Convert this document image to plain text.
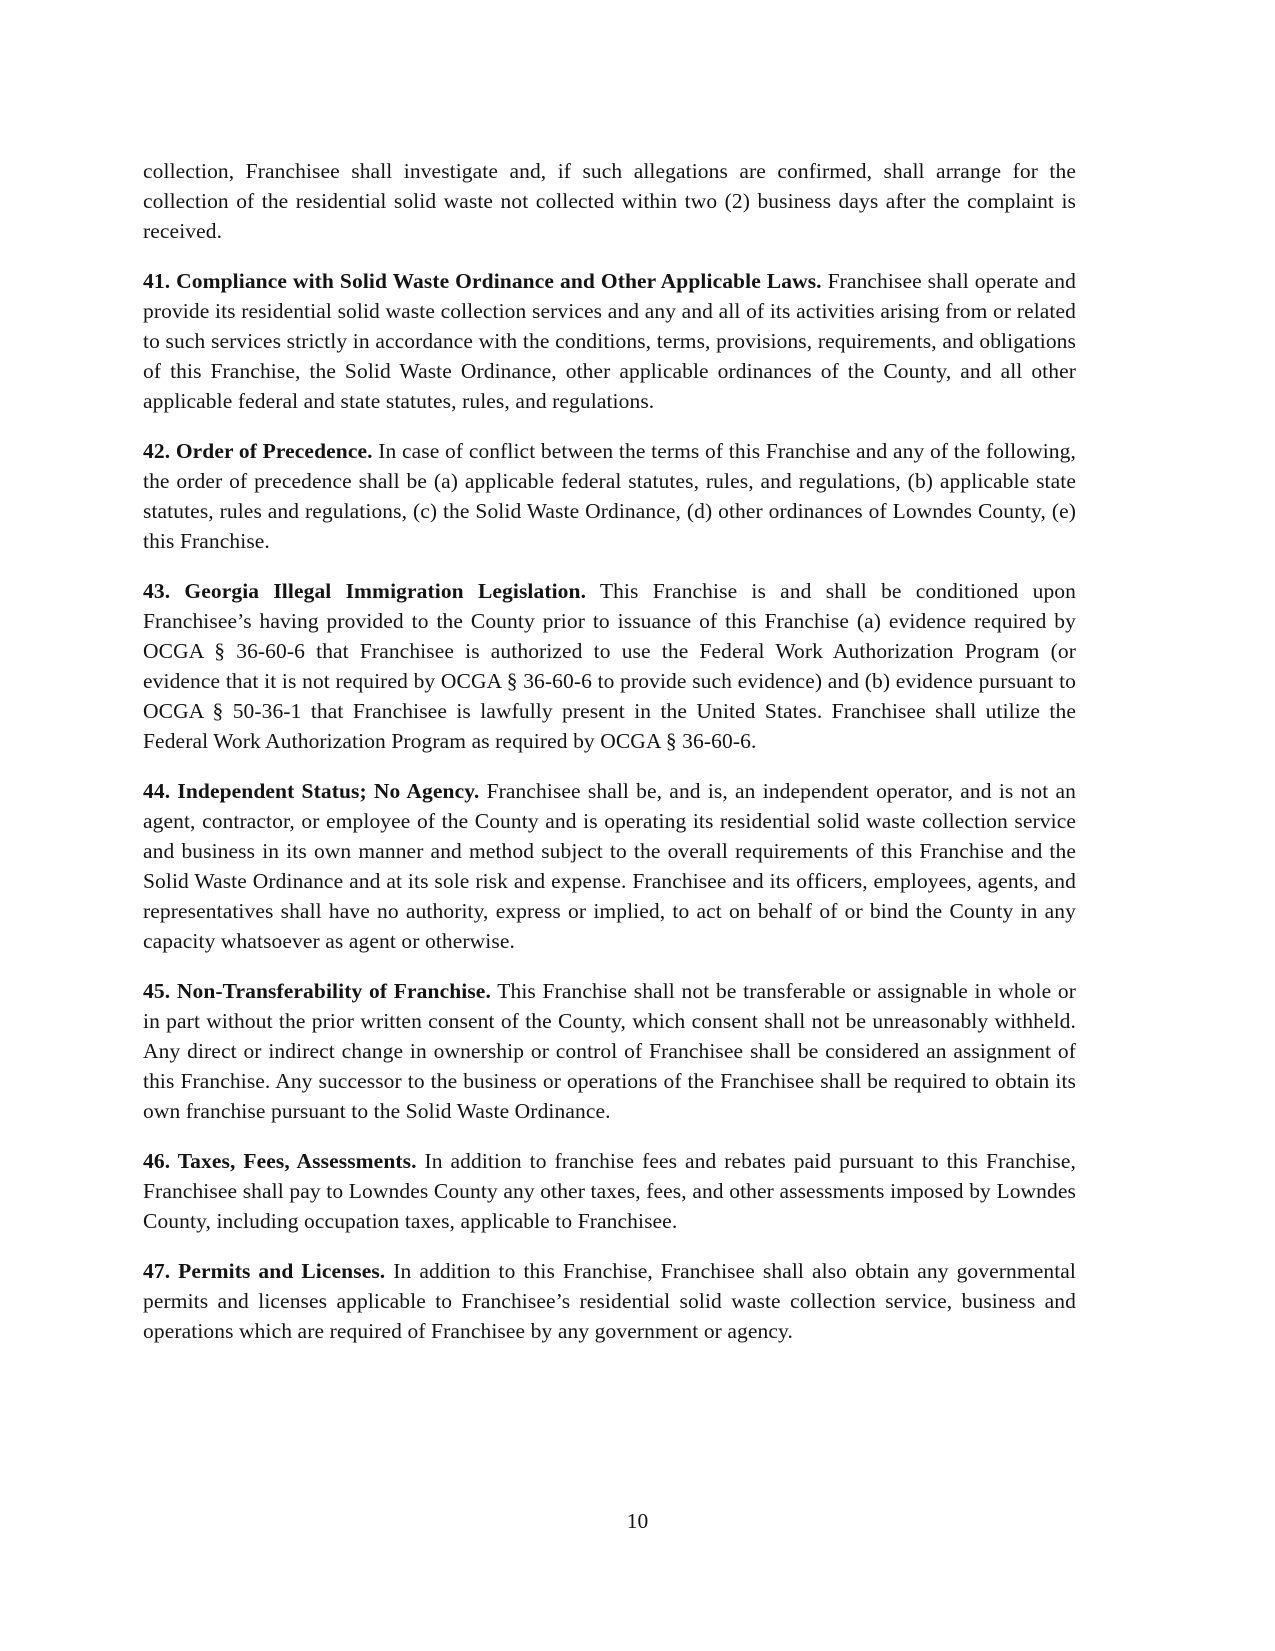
collection, Franchisee shall investigate and, if such allegations are confirmed, shall arrange for the collection of the residential solid waste not collected within two (2) business days after the complaint is received.

41. Compliance with Solid Waste Ordinance and Other Applicable Laws. Franchisee shall operate and provide its residential solid waste collection services and any and all of its activities arising from or related to such services strictly in accordance with the conditions, terms, provisions, requirements, and obligations of this Franchise, the Solid Waste Ordinance, other applicable ordinances of the County, and all other applicable federal and state statutes, rules, and regulations.

42. Order of Precedence. In case of conflict between the terms of this Franchise and any of the following, the order of precedence shall be (a) applicable federal statutes, rules, and regulations, (b) applicable state statutes, rules and regulations, (c) the Solid Waste Ordinance, (d) other ordinances of Lowndes County, (e) this Franchise.

43. Georgia Illegal Immigration Legislation. This Franchise is and shall be conditioned upon Franchisee’s having provided to the County prior to issuance of this Franchise (a) evidence required by OCGA § 36-60-6 that Franchisee is authorized to use the Federal Work Authorization Program (or evidence that it is not required by OCGA § 36-60-6 to provide such evidence) and (b) evidence pursuant to OCGA § 50-36-1 that Franchisee is lawfully present in the United States. Franchisee shall utilize the Federal Work Authorization Program as required by OCGA § 36-60-6.

44. Independent Status; No Agency. Franchisee shall be, and is, an independent operator, and is not an agent, contractor, or employee of the County and is operating its residential solid waste collection service and business in its own manner and method subject to the overall requirements of this Franchise and the Solid Waste Ordinance and at its sole risk and expense. Franchisee and its officers, employees, agents, and representatives shall have no authority, express or implied, to act on behalf of or bind the County in any capacity whatsoever as agent or otherwise.

45. Non-Transferability of Franchise. This Franchise shall not be transferable or assignable in whole or in part without the prior written consent of the County, which consent shall not be unreasonably withheld. Any direct or indirect change in ownership or control of Franchisee shall be considered an assignment of this Franchise. Any successor to the business or operations of the Franchisee shall be required to obtain its own franchise pursuant to the Solid Waste Ordinance.

46. Taxes, Fees, Assessments. In addition to franchise fees and rebates paid pursuant to this Franchise, Franchisee shall pay to Lowndes County any other taxes, fees, and other assessments imposed by Lowndes County, including occupation taxes, applicable to Franchisee.

47. Permits and Licenses. In addition to this Franchise, Franchisee shall also obtain any governmental permits and licenses applicable to Franchisee’s residential solid waste collection service, business and operations which are required of Franchisee by any government or agency.

10
